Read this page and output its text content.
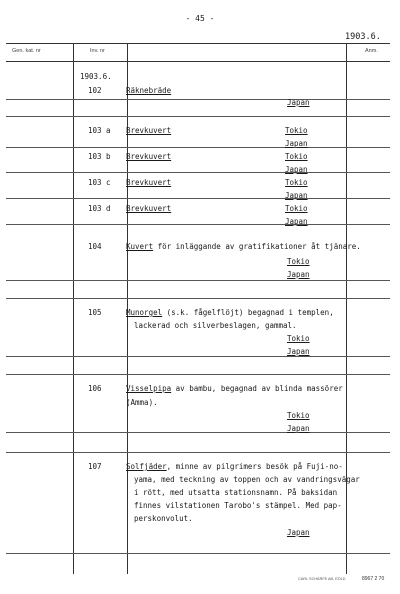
- 45 -
1903.6.
Gen. kat. nr	Inv. nr	Anm.
1903.6.
102	Räknebräde
Japan
103 a Brevkuvert	Tokio
Japan
103 b Brevkuvert	Tokio
Japan
103 c Brevkuvert	Tokio
Japan
103 d Brevkuvert	Tokio
Japan
104	Kuvert för inläggande av gratifikationer åt tjänare.
Tokio
Japan
105	Munorgel (s.k. fågelflöjt) begagnad i templen,
lackerad och silverbeslagen, gammal.
Tokio
Japan
106	Visselpipa av bambu, begagnad av blinda massörer
(Amma).
Tokio
Japan
107	Solfjäder, minne av pilgrimers besök på Fuji-no-
yama, med teckning av toppen och av vandringsvägar
i rött, med utsatta stationsnamn. På baksidan
finnes vilstationen Tarobo's stämpel. Med pap-
perskonvolut.
Japan
CARL SCHÄRFE AB, EÖLD	8967 2 70
